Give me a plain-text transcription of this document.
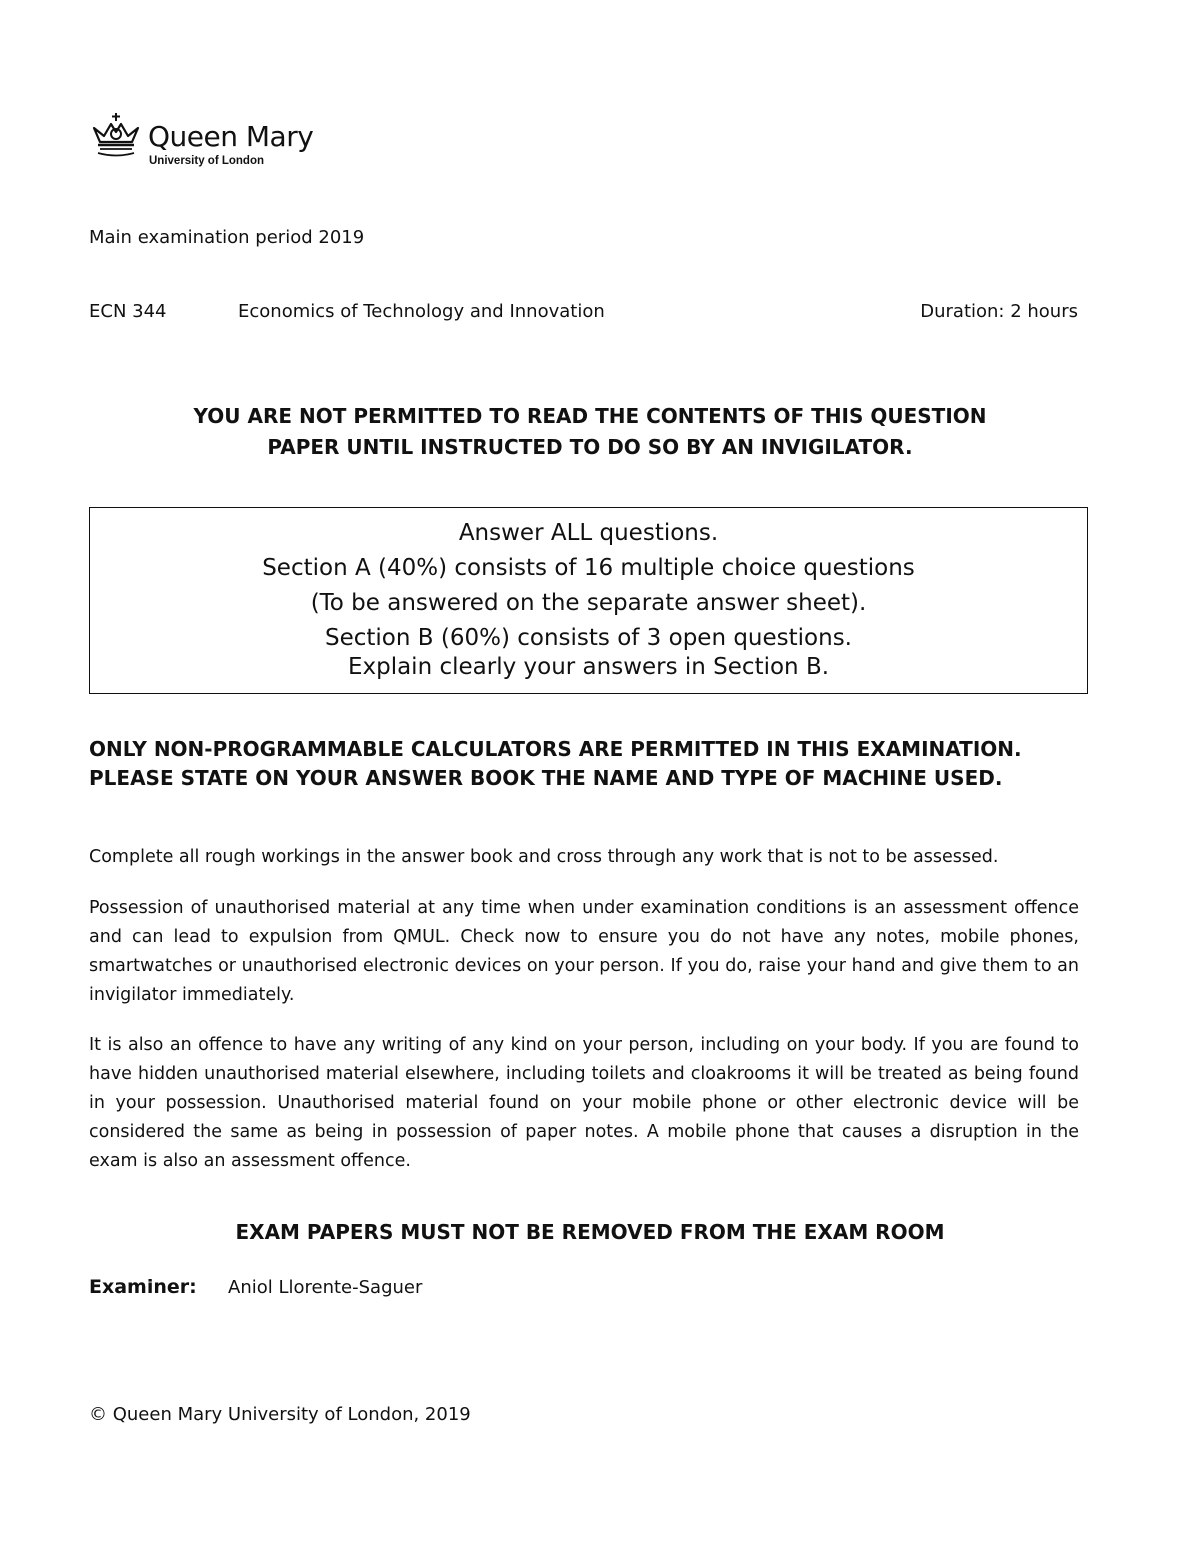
Queen Mary
University of London
Main examination period 2019
ECN 344	Economics of Technology and Innovation	Duration: 2 hours
YOU ARE NOT PERMITTED TO READ THE CONTENTS OF THIS QUESTION
PAPER UNTIL INSTRUCTED TO DO SO BY AN INVIGILATOR.
Answer ALL questions.
Section A (40%) consists of 16 multiple choice questions
(To be answered on the separate answer sheet).
Section B (60%) consists of 3 open questions.
Explain clearly your answers in Section B.
ONLY NON-PROGRAMMABLE CALCULATORS ARE PERMITTED IN THIS EXAMINATION. PLEASE STATE ON YOUR ANSWER BOOK THE NAME AND TYPE OF MACHINE USED.
Complete all rough workings in the answer book and cross through any work that is not to be assessed.
Possession of unauthorised material at any time when under examination conditions is an assessment offence and can lead to expulsion from QMUL. Check now to ensure you do not have any notes, mobile phones, smartwatches or unauthorised electronic devices on your person. If you do, raise your hand and give them to an invigilator immediately.
It is also an offence to have any writing of any kind on your person, including on your body. If you are found to have hidden unauthorised material elsewhere, including toilets and cloakrooms it will be treated as being found in your possession. Unauthorised material found on your mobile phone or other electronic device will be considered the same as being in possession of paper notes. A mobile phone that causes a disruption in the exam is also an assessment offence.
EXAM PAPERS MUST NOT BE REMOVED FROM THE EXAM ROOM
Examiner: Aniol Llorente-Saguer
© Queen Mary University of London, 2019
